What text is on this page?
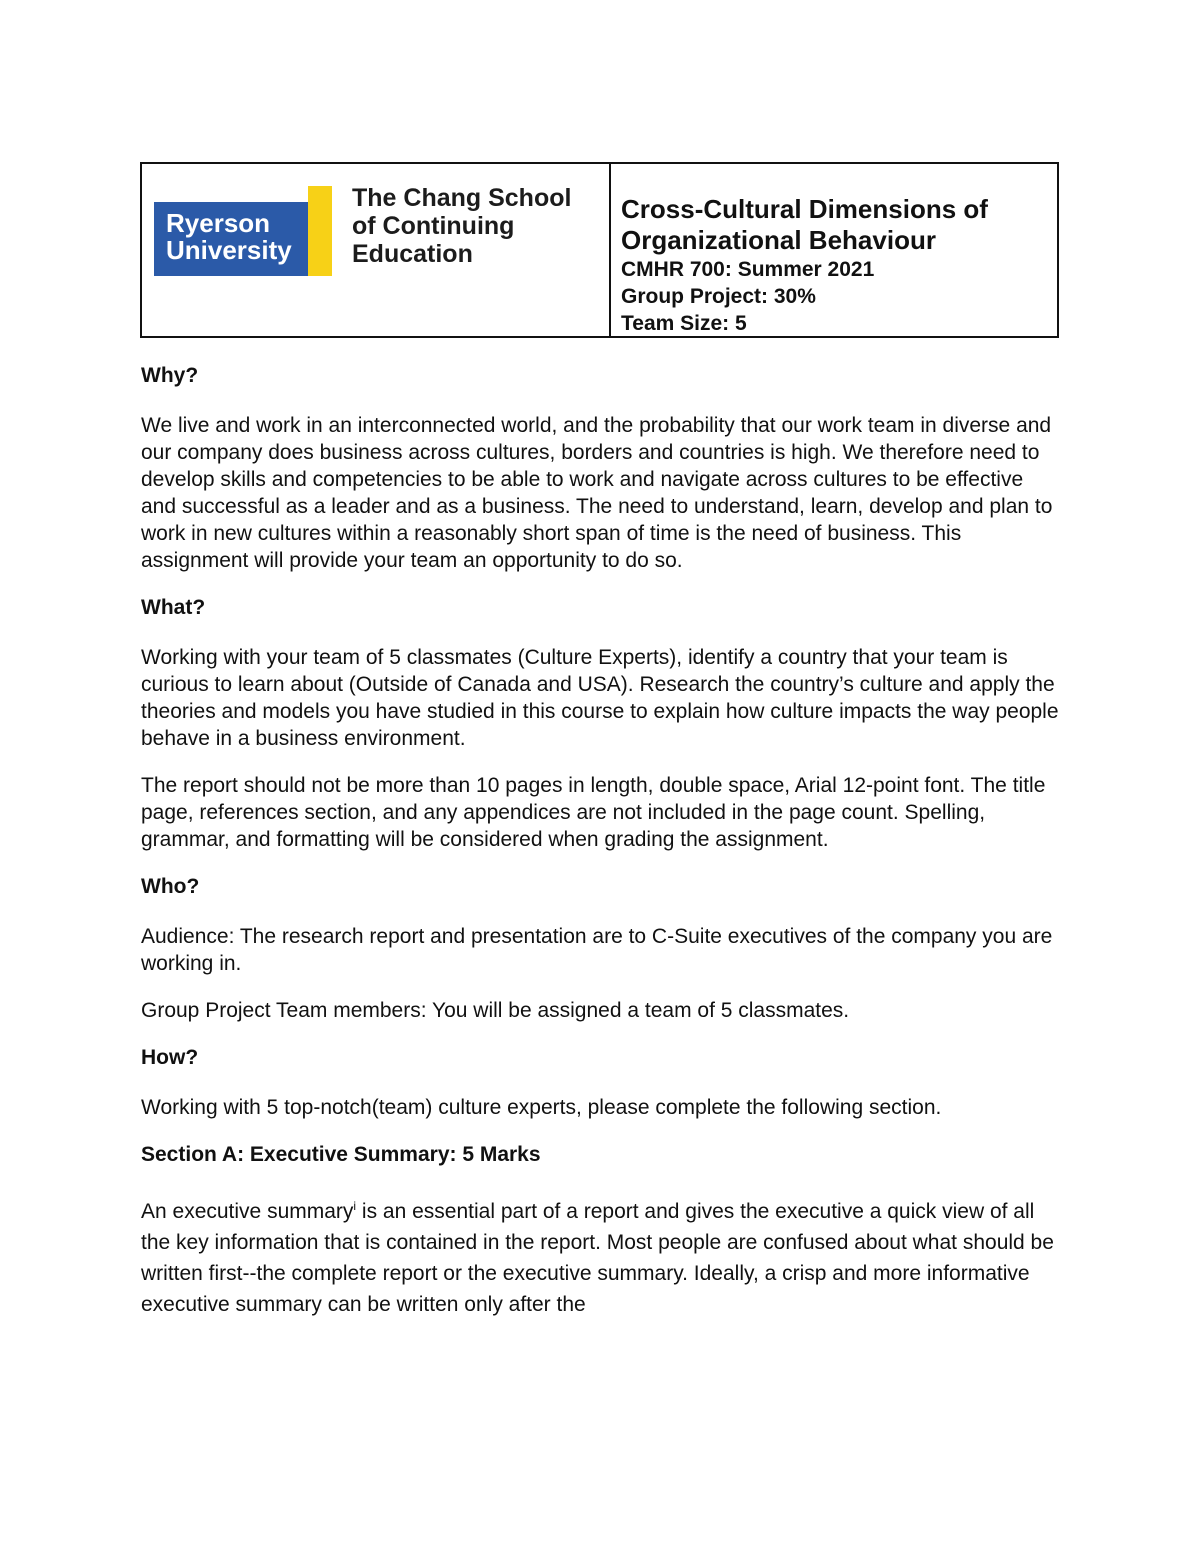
Ryerson
University
The Chang School
of Continuing
Education

Cross-Cultural Dimensions of

Organizational Behaviour

CMHR 700: Summer 2021

Group Project: 30%

Team Size: 5

Why?

We live and work in an interconnected world, and the probability that our work team in diverse and our company does business across cultures, borders and countries is high. We therefore need to develop skills and competencies to be able to work and navigate across cultures to be effective and successful as a leader and as a business. The need to understand, learn, develop and plan to work in new cultures within a reasonably short span of time is the need of business. This assignment will provide your team an opportunity to do so.

What?

Working with your team of 5 classmates (Culture Experts), identify a country that your team is curious to learn about (Outside of Canada and USA). Research the country’s culture and apply the theories and models you have studied in this course to explain how culture impacts the way people behave in a business environment.

The report should not be more than 10 pages in length, double space, Arial 12-point font. The title page, references section, and any appendices are not included in the page count. Spelling, grammar, and formatting will be considered when grading the assignment.

Who?

Audience: The research report and presentation are to C-Suite executives of the company you are working in.

Group Project Team members: You will be assigned a team of 5 classmates.

How?

Working with 5 top-notch(team) culture experts, please complete the following section.

Section A: Executive Summary: 5 Marks

An executive summary$^i$ is an essential part of a report and gives the executive a quick view of all the key information that is contained in the report. Most people are confused about what should be written first--the complete report or the executive summary. Ideally, a crisp and more informative executive summary can be written only after the
